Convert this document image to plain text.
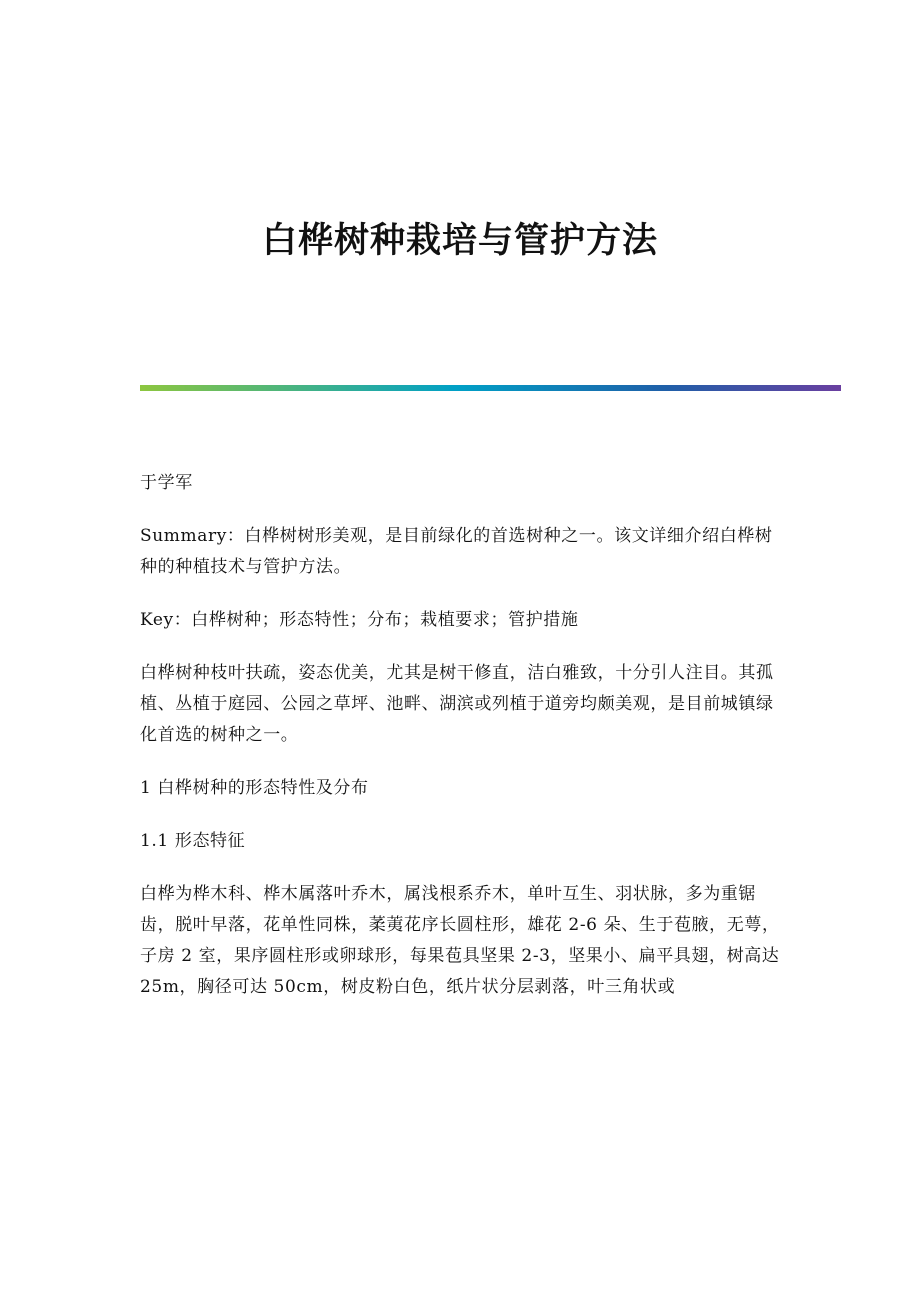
白桦树种栽培与管护方法

于学军

Summary：白桦树树形美观，是目前绿化的首选树种之一。该文详细介绍白桦树种的种植技术与管护方法。

Key：白桦树种；形态特性；分布；栽植要求；管护措施

白桦树种枝叶扶疏，姿态优美，尤其是树干修直，洁白雅致，十分引人注目。其孤植、丛植于庭园、公园之草坪、池畔、湖滨或列植于道旁均颇美观，是目前城镇绿化首选的树种之一。

1 白桦树种的形态特性及分布

1.1 形态特征

白桦为桦木科、桦木属落叶乔木，属浅根系乔木，单叶互生、羽状脉，多为重锯齿，脱叶早落，花单性同株，葇荑花序长圆柱形，雄花 2-6 朵、生于苞腋，无萼，子房 2 室，果序圆柱形或卵球形，每果苞具坚果 2-3，坚果小、扁平具翅，树高达 25m，胸径可达 50cm，树皮粉白色，纸片状分层剥落，叶三角状或
